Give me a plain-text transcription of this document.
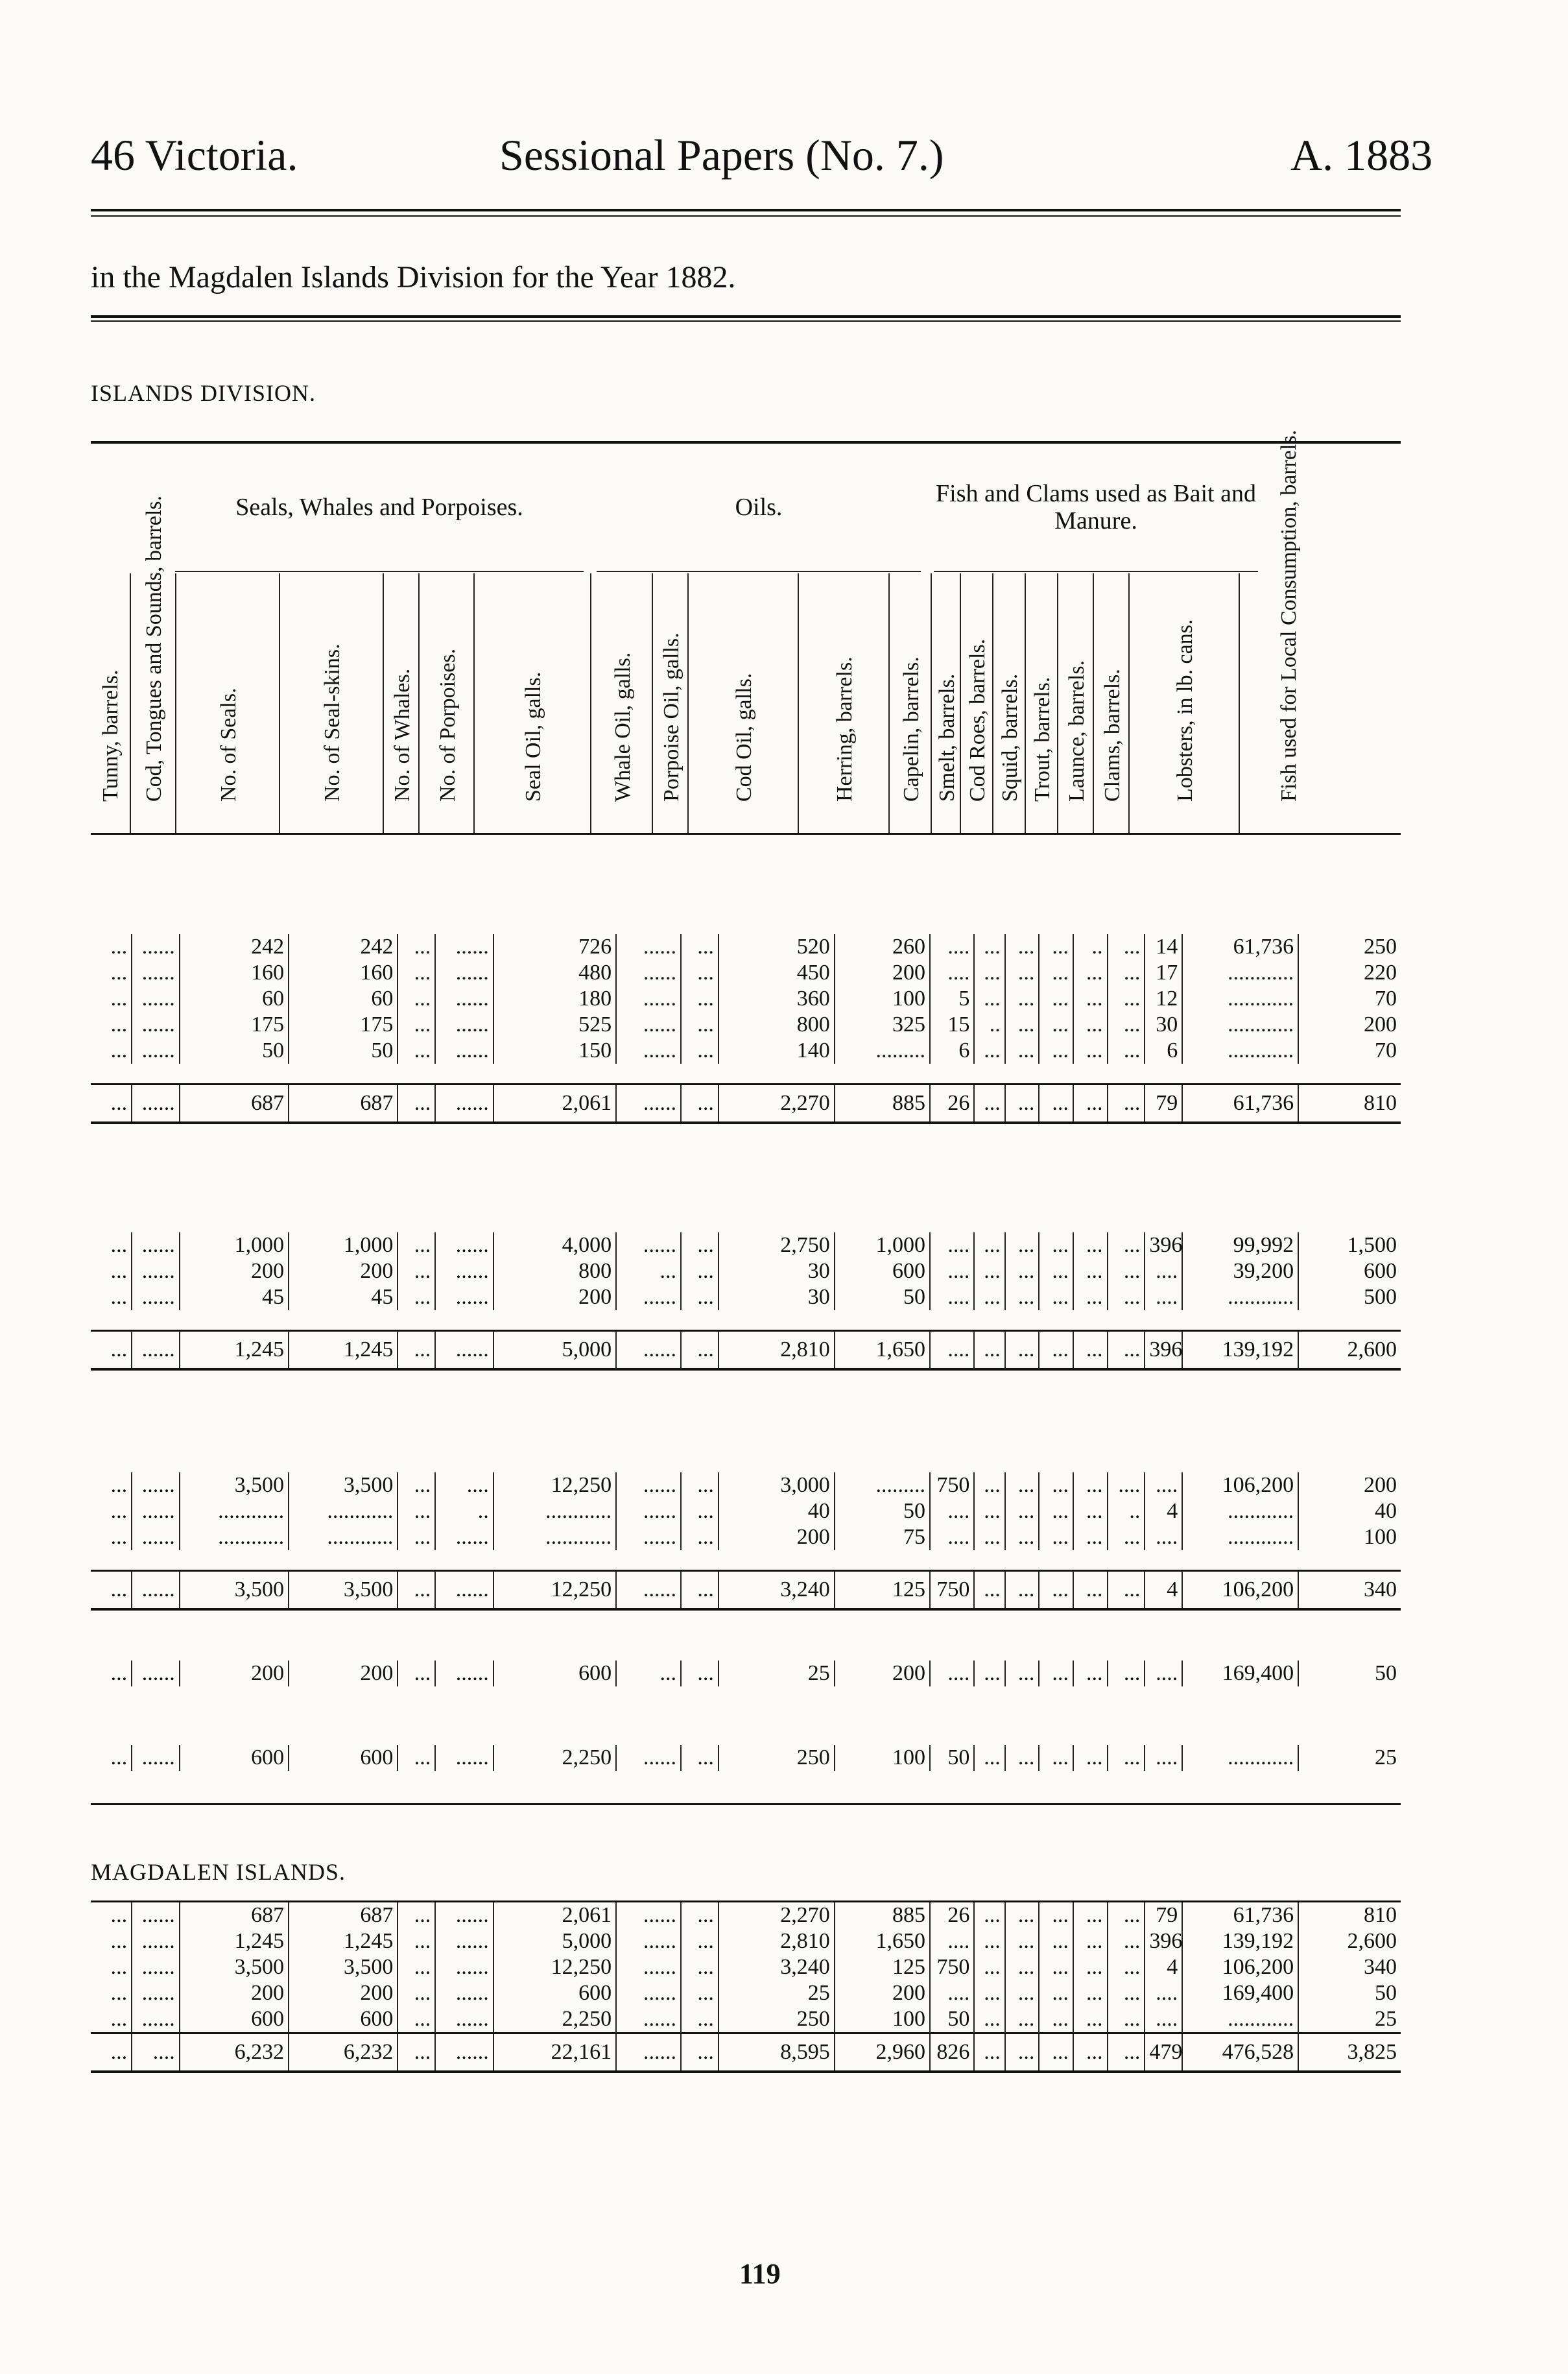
46 Victoria.	Sessional Papers (No. 7.)	A. 1883
in the Magdalen Islands Division for the Year 1882.
ISLANDS DIVISION.
Seals, Whales and Porpoises.	Oils.	Fish and Clams used as Bait and Manure.
Tunny, barrels. Cod, Tongues and Sounds, barrels. No. of Seals.	No. of Seal-skins. No. of Whales. No. of Porpoises.	Seal Oil, galls.	Whale Oil, galls. Porpoise Oil, galls. Cod Oil, galls.	Herring, barrels. Capelin, barrels. Smelt, barrels. Cod Roes, barrels. Squid, barrels. Trout, barrels. Launce, barrels. Clams, barrels. Lobsters, in lb. cans.	Fish used for Local Consumption, barrels.
...	......	242	242	...	......	726	......	...	520	260	....	...	...	...	..	...	14	61,736	250
...	......	160	160	...	......	480	......	...	450	200	....	...	...	...	...	...	17	............	220
...	......	60	60	...	......	180	......	...	360	100	5	...	...	...	...	...	12	............	70
...	......	175	175	...	......	525	......	...	800	325	15	..	...	...	...	...	30	............	200
...	......	50	50	...	......	150	......	...	140	.........	6	...	...	...	...	...	6	............	70

...	......	687	687	...	......	2,061	......	...	2,270	885	26	...	...	...	...	...	79	61,736	810
...	......	1,000	1,000	...	......	4,000	......	...	2,750	1,000	....	...	...	...	...	...	396	99,992	1,500
...	......	200	200	...	......	800	...	...	30	600	....	...	...	...	...	...	....	39,200	600
...	......	45	45	...	......	200	......	...	30	50	....	...	...	...	...	...	....	............	500

...	......	1,245	1,245	...	......	5,000	......	...	2,810	1,650	....	...	...	...	...	...	396	139,192	2,600
...	......	3,500	3,500	...	....	12,250	......	...	3,000	.........	750	...	...	...	...	....	....	106,200	200
...	......	............	............	...	..	............	......	...	40	50	....	...	...	...	...	..	4	............	40
...	......	............	............	...	......	............	......	...	200	75	....	...	...	...	...	...	....	............	100

...	......	3,500	3,500	...	......	12,250	......	...	3,240	125	750	...	...	...	...	...	4	106,200	340
...	......	200	200	...	......	600	...	...	25	200	....	...	...	...	...	...	....	169,400	50
...	......	600	600	...	......	2,250	......	...	250	100	50	...	...	...	...	...	....	............	25
MAGDALEN ISLANDS.
...	......	687	687	...	......	2,061	......	...	2,270	885	26	...	...	...	...	...	79	61,736	810
...	......	1,245	1,245	...	......	5,000	......	...	2,810	1,650	....	...	...	...	...	...	396	139,192	2,600
...	......	3,500	3,500	...	......	12,250	......	...	3,240	125	750	...	...	...	...	...	4	106,200	340
...	......	200	200	...	......	600	......	...	25	200	....	...	...	...	...	...	....	169,400	50
...	......	600	600	...	......	2,250	......	...	250	100	50	...	...	...	...	...	....	............	25
...	....	6,232	6,232	...	......	22,161	......	...	8,595	2,960	826	...	...	...	...	...	479	476,528	3,825
119
